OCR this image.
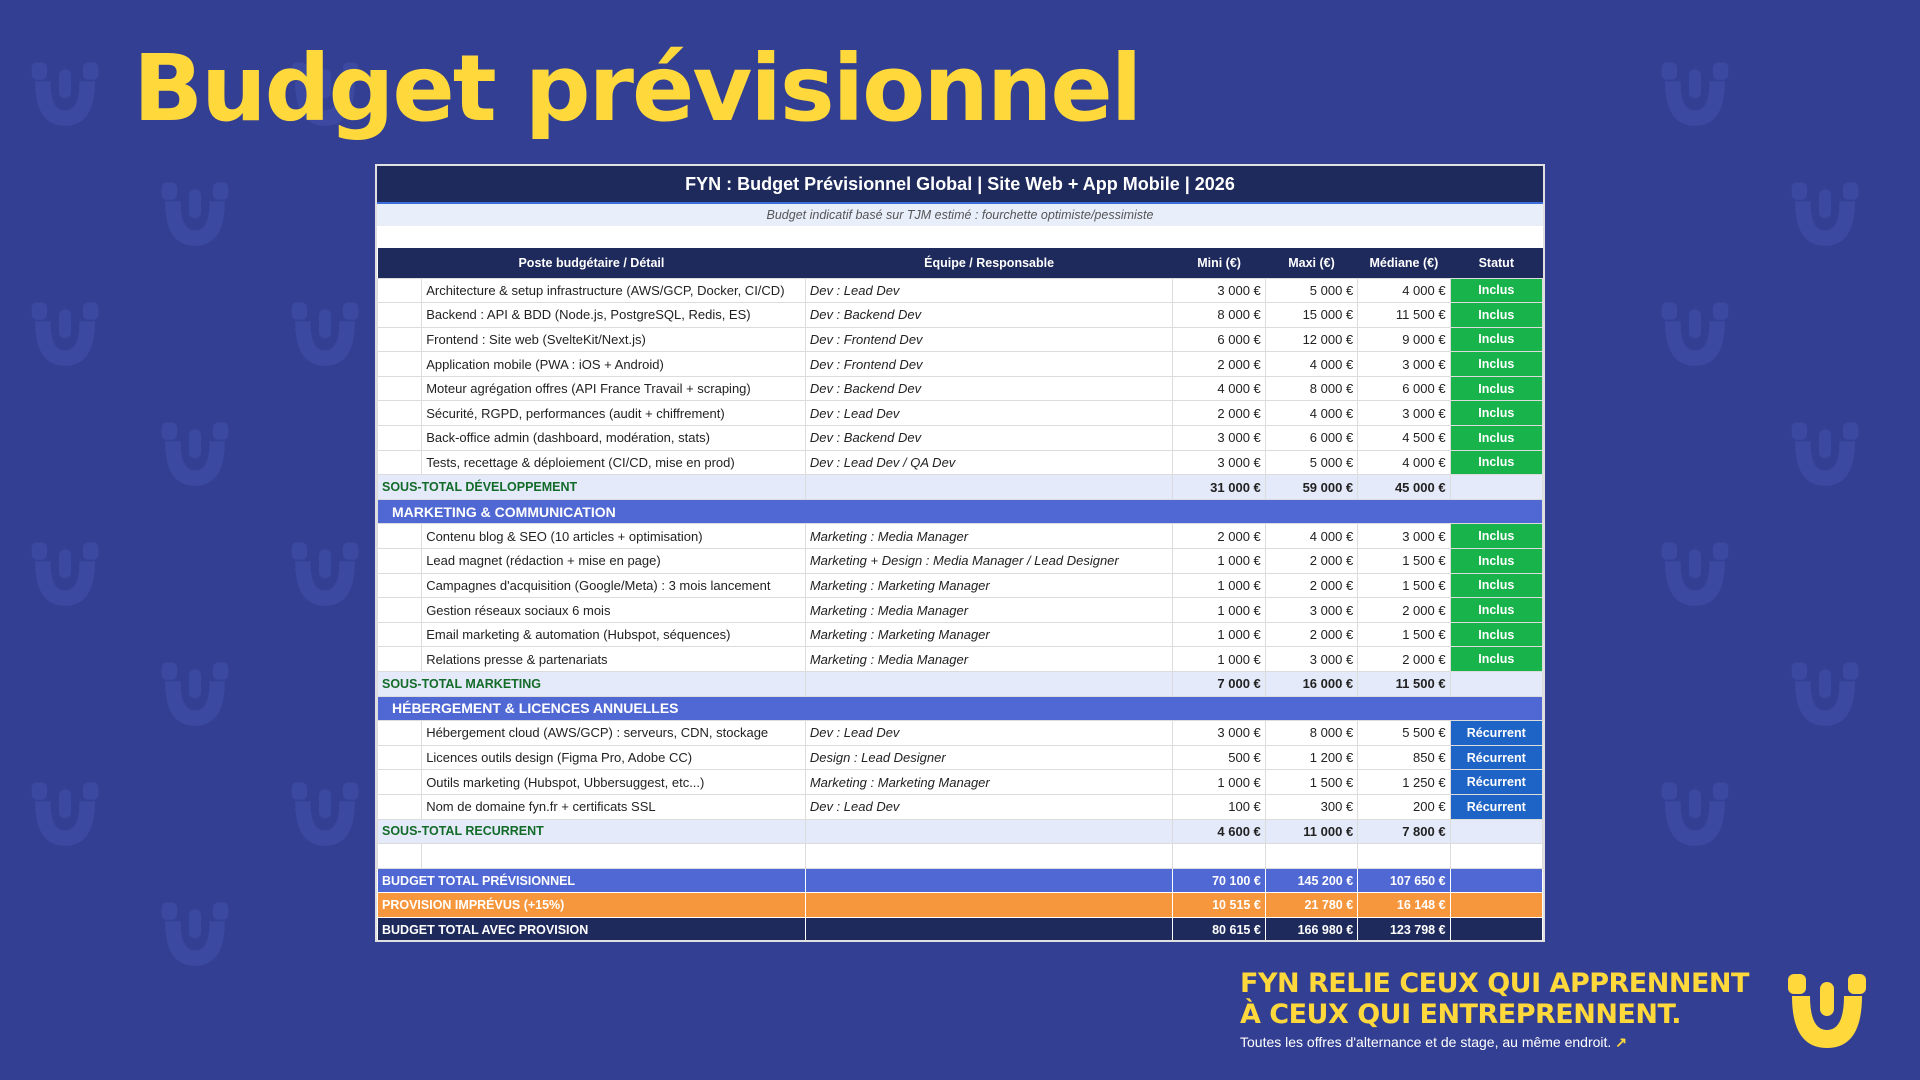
Budget prévisionnel
FYN : Budget Prévisionnel Global | Site Web + App Mobile | 2026
Budget indicatif basé sur TJM estimé : fourchette optimiste/pessimiste
Poste budgétaire / Détail		Équipe / Responsable	Mini (€)	Maxi (€)	Médiane (€)	Statut
	Architecture & setup infrastructure (AWS/GCP, Docker, CI/CD)	Dev : Lead Dev	3 000 €	5 000 €	4 000 €	Inclus
	Backend : API & BDD (Node.js, PostgreSQL, Redis, ES)	Dev : Backend Dev	8 000 €	15 000 €	11 500 €	Inclus
	Frontend : Site web (SvelteKit/Next.js)	Dev : Frontend Dev	6 000 €	12 000 €	9 000 €	Inclus
	Application mobile (PWA : iOS + Android)	Dev : Frontend Dev	2 000 €	4 000 €	3 000 €	Inclus
	Moteur agrégation offres (API France Travail + scraping)	Dev : Backend Dev	4 000 €	8 000 €	6 000 €	Inclus
	Sécurité, RGPD, performances (audit + chiffrement)	Dev : Lead Dev	2 000 €	4 000 €	3 000 €	Inclus
	Back-office admin (dashboard, modération, stats)	Dev : Backend Dev	3 000 €	6 000 €	4 500 €	Inclus
	Tests, recettage & déploiement (CI/CD, mise en prod)	Dev : Lead Dev / QA Dev	3 000 €	5 000 €	4 000 €	Inclus
SOUS-TOTAL DÉVELOPPEMENT			31 000 €	59 000 €	45 000 €	
MARKETING & COMMUNICATION						
	Contenu blog & SEO (10 articles + optimisation)	Marketing : Media Manager	2 000 €	4 000 €	3 000 €	Inclus
	Lead magnet (rédaction + mise en page)	Marketing + Design : Media Manager / Lead Designer	1 000 €	2 000 €	1 500 €	Inclus
	Campagnes d'acquisition (Google/Meta) : 3 mois lancement	Marketing : Marketing Manager	1 000 €	2 000 €	1 500 €	Inclus
	Gestion réseaux sociaux 6 mois	Marketing : Media Manager	1 000 €	3 000 €	2 000 €	Inclus
	Email marketing & automation (Hubspot, séquences)	Marketing : Marketing Manager	1 000 €	2 000 €	1 500 €	Inclus
	Relations presse & partenariats	Marketing : Media Manager	1 000 €	3 000 €	2 000 €	Inclus
SOUS-TOTAL MARKETING			7 000 €	16 000 €	11 500 €	
HÉBERGEMENT & LICENCES ANNUELLES						
	Hébergement cloud (AWS/GCP) : serveurs, CDN, stockage	Dev : Lead Dev	3 000 €	8 000 €	5 500 €	Récurrent
	Licences outils design (Figma Pro, Adobe CC)	Design : Lead Designer	500 €	1 200 €	850 €	Récurrent
	Outils marketing (Hubspot, Ubbersuggest, etc...)	Marketing : Marketing Manager	1 000 €	1 500 €	1 250 €	Récurrent
	Nom de domaine fyn.fr + certificats SSL	Dev : Lead Dev	100 €	300 €	200 €	Récurrent
SOUS-TOTAL RECURRENT			4 600 €	11 000 €	7 800 €	

BUDGET TOTAL PRÉVISIONNEL			70 100 €	145 200 €	107 650 €	
PROVISION IMPRÉVUS (+15%)			10 515 €	21 780 €	16 148 €	
BUDGET TOTAL AVEC PROVISION			80 615 €	166 980 €	123 798 €	
FYN RELIE CEUX QUI APPRENNENT
À CEUX QUI ENTREPRENNENT.
Toutes les offres d'alternance et de stage, au même endroit. ↗
